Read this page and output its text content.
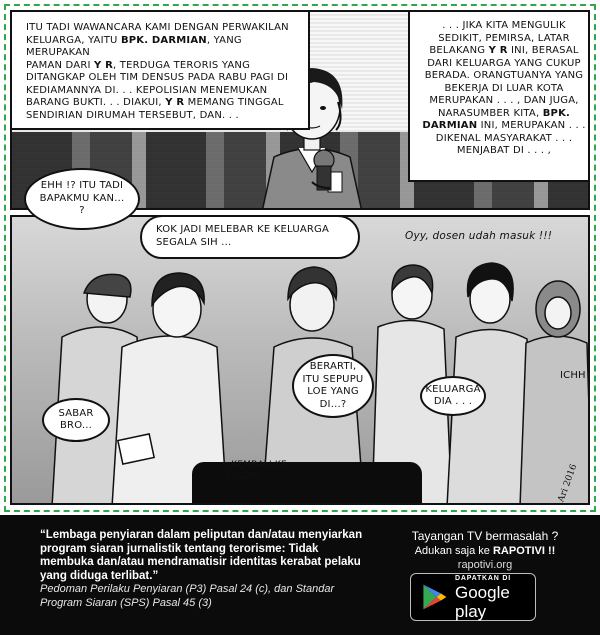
ITU TADI WAWANCARA KAMI DENGAN PERWAKILAN
KELUARGA, YAITU BPK. DARMIAN, YANG MERUPAKAN
PAMAN DARI Y R, TERDUGA TERORIS YANG
DITANGKAP OLEH TIM DENSUS PADA RABU PAGI DI
KEDIAMANNYA DI. . . KEPOLISIAN MENEMUKAN
BARANG BUKTI. . . DIAKUI, Y R MEMANG TINGGAL
SENDIRIAN DIRUMAH TERSEBUT, DAN. . .
. . . JIKA KITA MENGULIK
SEDIKIT, PEMIRSA, LATAR
BELAKANG Y R INI, BERASAL
DARI KELUARGA YANG CUKUP
BERADA. ORANGTUANYA YANG
BEKERJA DI LUAR KOTA
MERUPAKAN . . . , DAN JUGA,
NARASUMBER KITA, BPK.
DARMIAN INI, MERUPAKAN . . .
DIKENAL MASYARAKAT . . .
MENJABAT DI . . . ,
EHH !? ITU TADI BAPAKMU KAN... ?
KOK JADI MELEBAR KE KELUARGA SEGALA SIH ...	Oyy, dosen udah masuk !!!
SABAR BRO...
BERARTI, ITU SEPUPU LOE YANG DI...?
KELUARGA DIA . . .
ICHH
..KEMBALI KE STUDIO	Ari 2016
“Lembaga penyiaran dalam peliputan dan/atau menyiarkan program siaran jurnalistik tentang terorisme: Tidak membuka dan/atau mendramatisir identitas kerabat pelaku yang diduga terlibat.”
Pedoman Perilaku Penyiaran (P3) Pasal 24 (c), dan Standar Program Siaran (SPS) Pasal 45 (3)
Tayangan TV bermasalah ?
Adukan saja ke RAPOTIVI !!
rapotivi.org
DAPATKAN DI
Google play
